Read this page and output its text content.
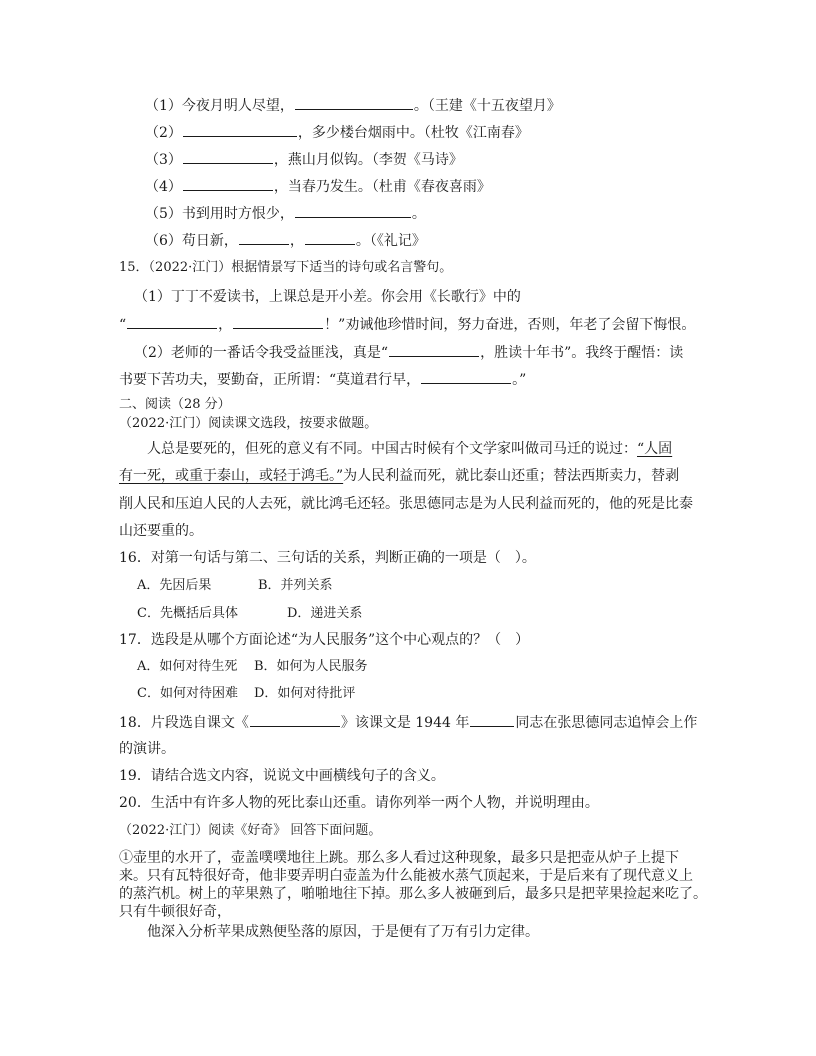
（1）今夜月明人尽望，	。（王建《十五夜望月》
（2）	，多少楼台烟雨中。（杜牧《江南春》
（3）	，燕山月似钩。（李贺《马诗》
（4）	，当春乃发生。（杜甫《春夜喜雨》
（5）书到用时方恨少，	。
（6）苟日新，	，	。（《礼记》
15．（2022·江门）根据情景写下适当的诗句或名言警句。
（1）丁丁不爱读书，上课总是开小差。你会用《长歌行》中的
“	，	！”劝诫他珍惜时间，努力奋进，否则，年老了会留下悔恨。
（2）老师的一番话令我受益匪浅，真是“	，胜读十年书”。我终于醒悟：读
书要下苦功夫，要勤奋，正所谓：“莫道君行早，	。”
二、阅读（28 分）
（2022·江门）阅读课文选段，按要求做题。
人总是要死的，但死的意义有不同。中国古时候有个文学家叫做司马迁的说过：“人固
有一死，或重于泰山，或轻于鸿毛。”为人民利益而死，就比泰山还重；替法西斯卖力，替剥
削人民和压迫人民的人去死，就比鸿毛还轻。张思德同志是为人民利益而死的，他的死是比泰
山还要重的。
16．对第一句话与第二、三句话的关系，判断正确的一项是（　）。
A．先因后果	B．并列关系
C．先概括后具体	D．递进关系
17．选段是从哪个方面论述“为人民服务”这个中心观点的？（　）
A．如何对待生死 B．如何为人民服务
C．如何对待困难 D．如何对待批评
18．片段选自课文《	》该课文是 1944 年	同志在张思德同志追悼会上作
的演讲。
19．请结合选文内容，说说文中画横线句子的含义。
20．生活中有许多人物的死比泰山还重。请你列举一两个人物，并说明理由。
（2022·江门）阅读《好奇》 回答下面问题。
①壶里的水开了，壶盖噗噗地往上跳。那么多人看过这种现象，最多只是把壶从炉子上提下
来。只有瓦特很好奇，他非要弄明白壶盖为什么能被水蒸气顶起来，于是后来有了现代意义上
的蒸汽机。树上的苹果熟了，啪啪地往下掉。那么多人被砸到后，最多只是把苹果捡起来吃了。
只有牛顿很好奇，
他深入分析苹果成熟便坠落的原因，于是便有了万有引力定律。
